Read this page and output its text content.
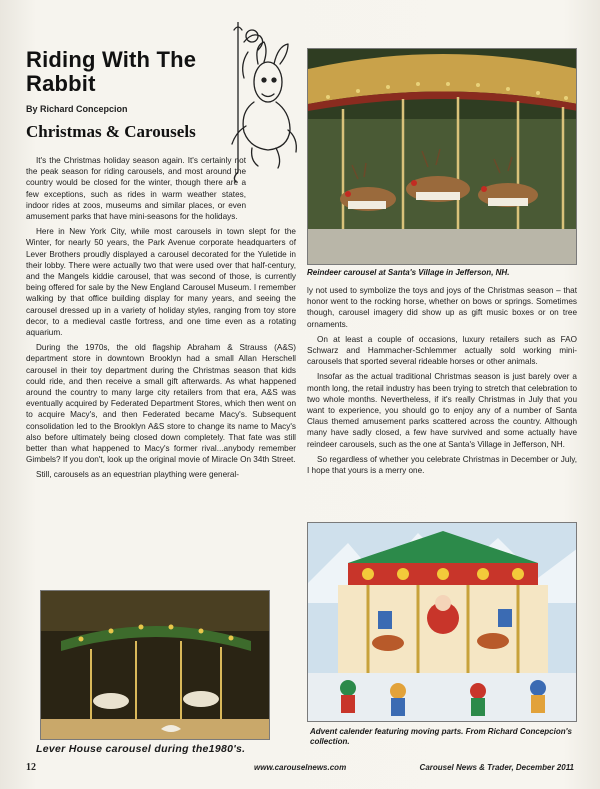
Riding With The Rabbit
By Richard Concepcion
Christmas & Carousels

It's the Christmas holiday season again. It's certainly not the peak season for riding carousels, and most around the country would be closed for the winter, though there are a few exceptions, such as rides in warm weather states, indoor rides at zoos, museums and similar places, or even amusement parks that have mini-seasons for the holidays.

Here in New York City, while most carousels in town slept for the Winter, for nearly 50 years, the Park Avenue corporate headquarters of Lever Brothers proudly displayed a carousel decorated for the Yuletide in their lobby. There were actually two that were used over that half-century, and the Mangels kiddie carousel, that was second of those, is currently being offered for sale by the New England Carousel Museum. I remember walking by that office building display for many years, and seeing the carousel dressed up in a variety of holiday styles, ranging from toy store decor, to a medieval castle fortress, and one time even as a rotating aquarium.

During the 1970s, the old flagship Abraham & Strauss (A&S) department store in downtown Brooklyn had a small Allan Herschell carousel in their toy department during the Christmas season that kids could ride, and then receive a small gift afterwards. As what happened around the country to many large city retailers from that era, A&S was eventually acquired by Federated Department Stores, which then went on to acquire Macy's, and then Federated became Macy's. Subsequent consolidation led to the Brooklyn A&S store to change its name to Macy's also before ultimately being closed down completely. That fate was still better than what happened to Macy's former rival...anybody remember Gimbels? If you don't, look up the original movie of Miracle On 34th Street.

Still, carousels as an equestrian plaything were general-

Reindeer carousel at Santa's Village in Jefferson, NH.

ly not used to symbolize the toys and joys of the Christmas season – that honor went to the rocking horse, whether on bows or springs. Sometimes though, carousel imagery did show up as gift music boxes or on tree ornaments.

On at least a couple of occasions, luxury retailers such as FAO Schwarz and Hammacher-Schlemmer actually sold working mini-carousels that sported several rideable horses or other animals.

Insofar as the actual traditional Christmas season is just barely over a month long, the retail industry has been trying to stretch that celebration to two whole months. Nevertheless, if it's really Christmas in July that you want to experience, you should go to enjoy any of a number of Santa Claus themed amusement parks scattered across the country. Although many have sadly closed, a few have survived and some actually have reindeer carousels, such as the one at Santa's Village in Jefferson, NH.

So regardless of whether you celebrate Christmas in December or July, I hope that yours is a merry one.

Advent calender featuring moving parts. From Richard Concepcion's collection.
Lever House carousel during the1980's.
12	www.carouselnews.com	Carousel News & Trader, December 2011
